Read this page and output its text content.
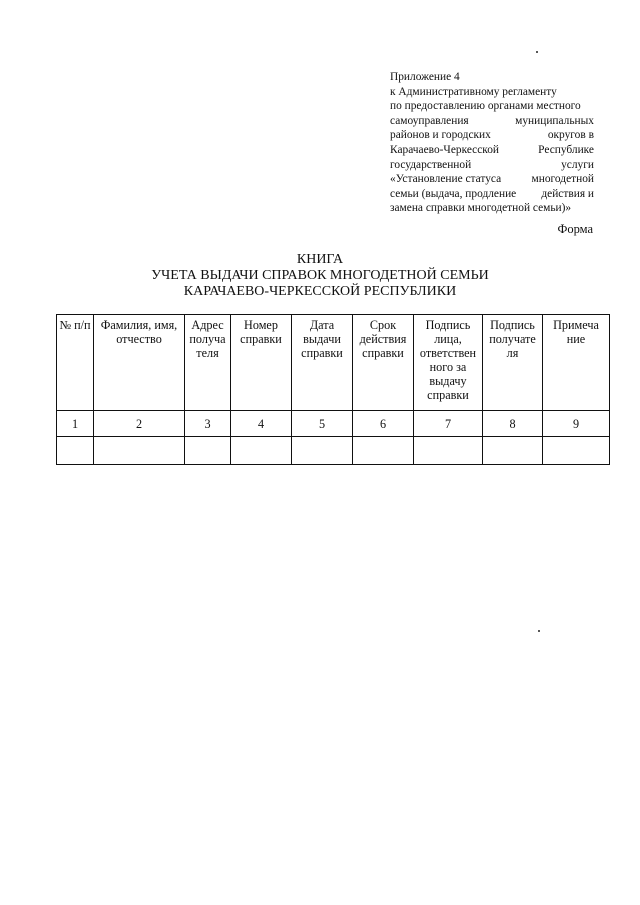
Приложение 4
к Административному регламенту
по предоставлению органами местного
самоуправления	муниципальных
районов и городских	округов в
Карачаево-Черкесской	Республике
государственной	услуги
«Установление статуса	многодетной
семьи (выдача, продление действия и
замена справки многодетной семьи)»
Форма
КНИГА
УЧЕТА ВЫДАЧИ СПРАВОК МНОГОДЕТНОЙ СЕМЬИ
КАРАЧАЕВО-ЧЕРКЕССКОЙ РЕСПУБЛИКИ
№ п/п	Фамилия, имя, отчество	Адрес получа теля	Номер справки	Дата выдачи справки	Срок действия справки	Подпись лица, ответствен ного за выдачу справки	Подпись получате ля	Примеча ние
1	2	3	4	5	6	7	8	9
